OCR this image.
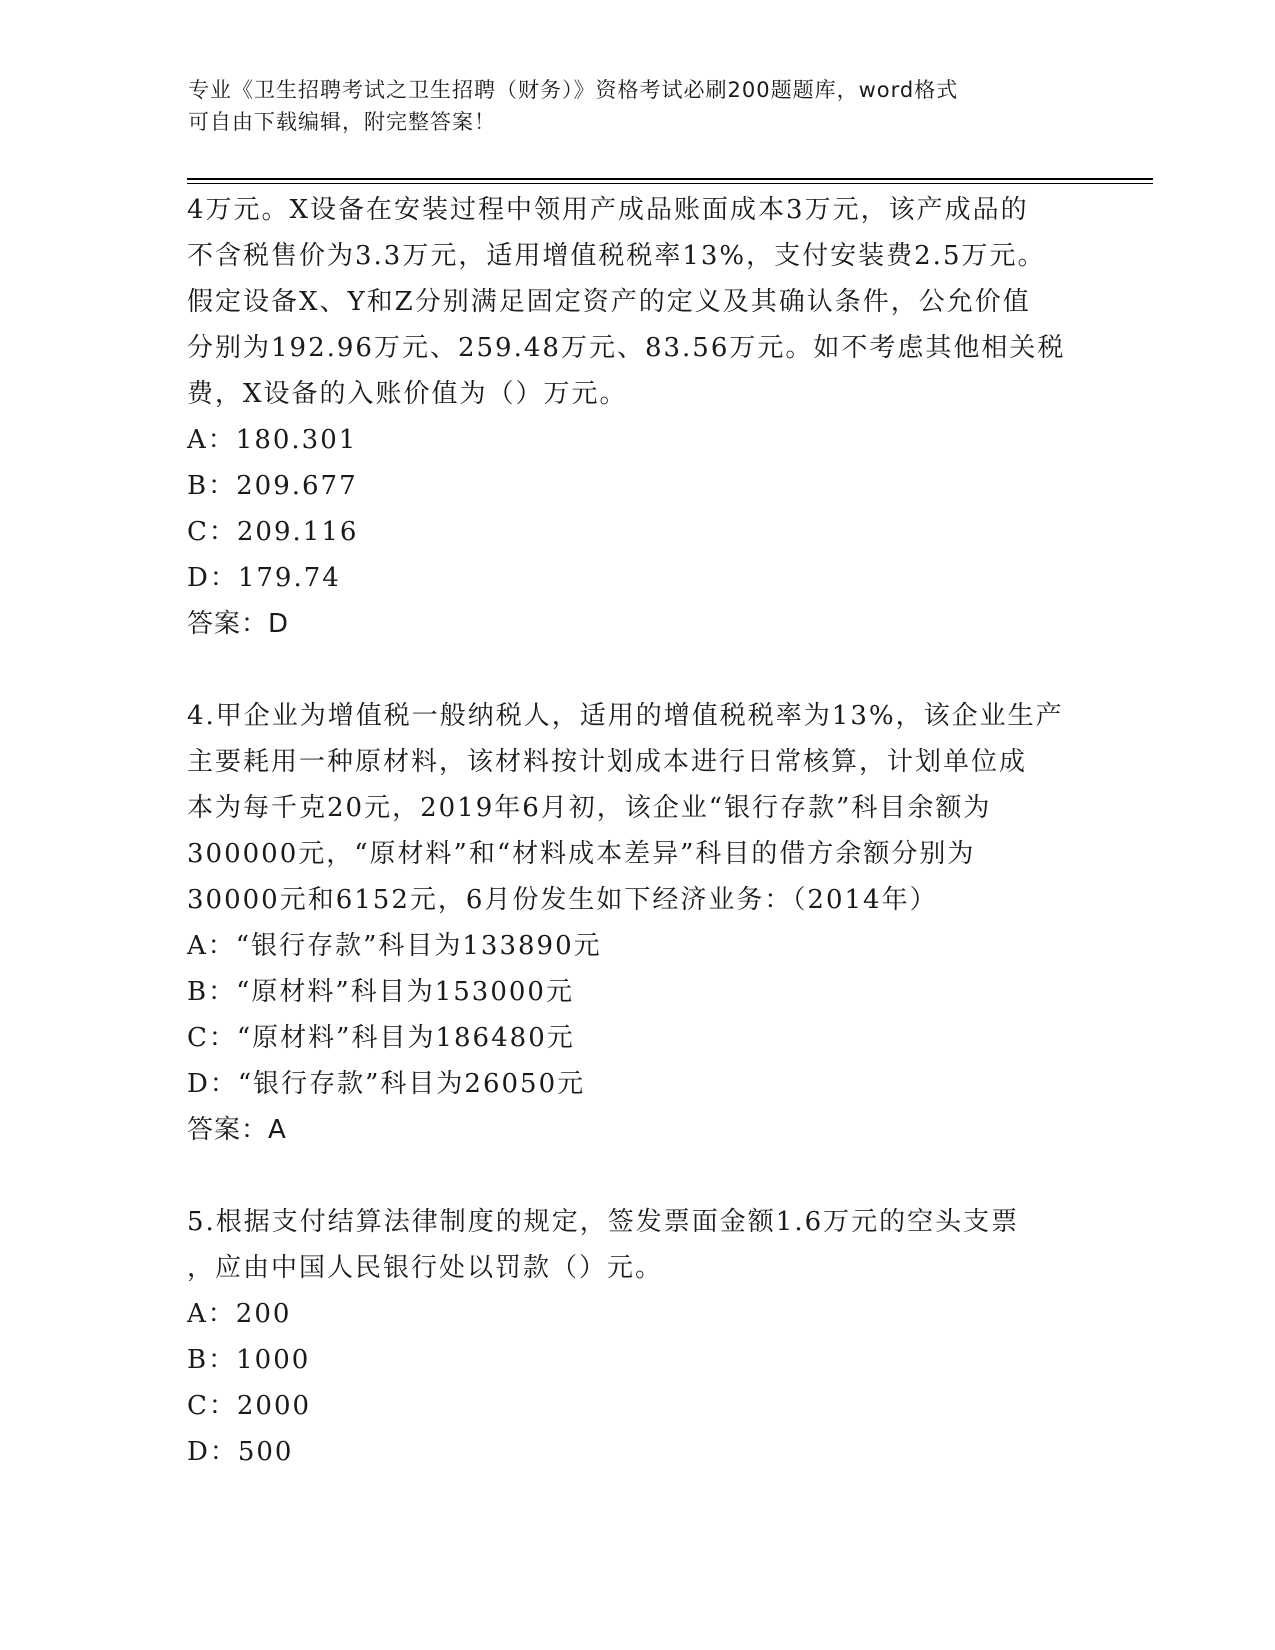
专业《卫生招聘考试之卫生招聘（财务）》资格考试必刷200题题库，word格式
可自由下载编辑，附完整答案！

4万元。X设备在安装过程中领用产成品账面成本3万元，该产成品的

不含税售价为3.3万元，适用增值税税率13%，支付安装费2.5万元。

假定设备X、Y和Z分别满足固定资产的定义及其确认条件，公允价值

分别为192.96万元、259.48万元、83.56万元。如不考虑其他相关税

费，X设备的入账价值为（）万元。

A：180.301

B：209.677

C：209.116

D：179.74

答案：D

4.甲企业为增值税一般纳税人，适用的增值税税率为13%，该企业生产

主要耗用一种原材料，该材料按计划成本进行日常核算，计划单位成

本为每千克20元，2019年6月初，该企业“银行存款”科目余额为

300000元，“原材料”和“材料成本差异”科目的借方余额分别为

30000元和6152元，6月份发生如下经济业务：（2014年）

A：“银行存款”科目为133890元

B：“原材料”科目为153000元

C：“原材料”科目为186480元

D：“银行存款”科目为26050元

答案：A

5.根据支付结算法律制度的规定，签发票面金额1.6万元的空头支票

，应由中国人民银行处以罚款（）元。

A：200

B：1000

C：2000

D：500
